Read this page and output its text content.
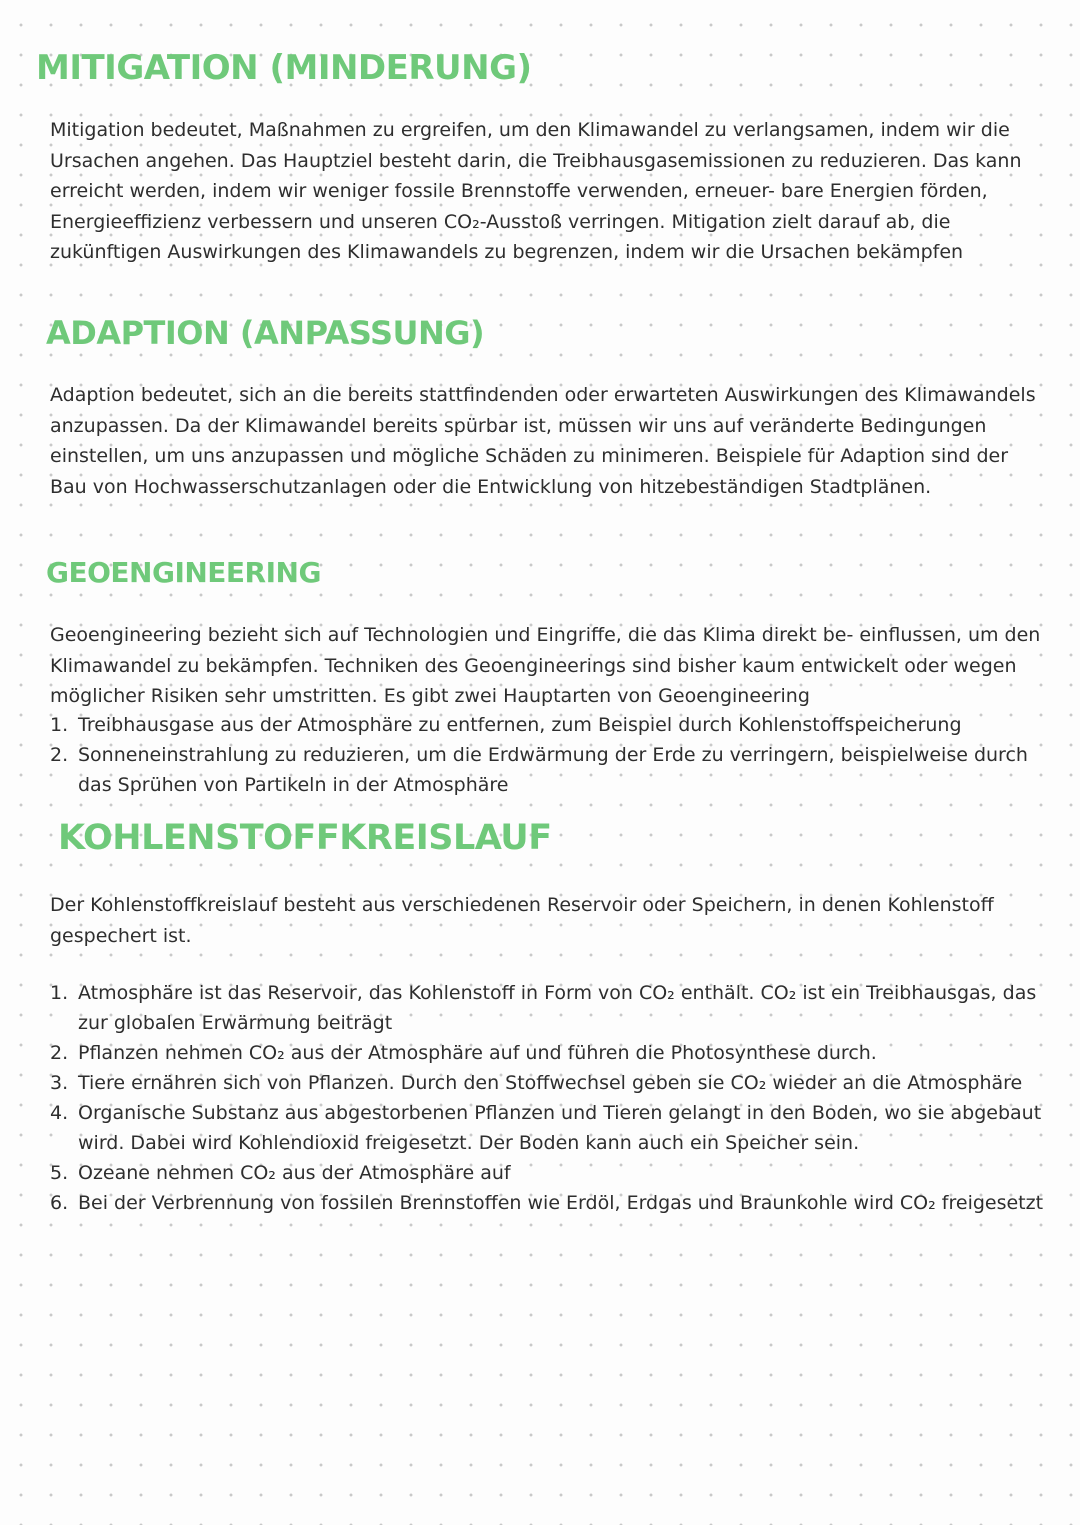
MITIGATION (MINDERUNG)

Mitigation bedeutet, Maßnahmen zu ergreifen, um den Klimawandel zu verlangsamen, indem wir die Ursachen angehen. Das Hauptziel besteht darin, die Treibhausgasemissionen zu reduzieren. Das kann erreicht werden, indem wir weniger fossile Brennstoffe verwenden, erneuer- bare Energien förden, Energieeffizienz verbessern und unseren CO₂-Ausstoß verringen. Mitigation zielt darauf ab, die zukünftigen Auswirkungen des Klimawandels zu begrenzen, indem wir die Ursachen bekämpfen

ADAPTION (ANPASSUNG)

Adaption bedeutet, sich an die bereits stattfindenden oder erwarteten Auswirkungen des Klimawandels anzupassen. Da der Klimawandel bereits spürbar ist, müssen wir uns auf veränderte Bedingungen einstellen, um uns anzupassen und mögliche Schäden zu minimeren. Beispiele für Adaption sind der Bau von Hochwasserschutzanlagen oder die Entwicklung von hitzebeständigen Stadtplänen.

GEOENGINEERING

Geoengineering bezieht sich auf Technologien und Eingriffe, die das Klima direkt be- einflussen, um den Klimawandel zu bekämpfen. Techniken des Geoengineerings sind bisher kaum entwickelt oder wegen möglicher Risiken sehr umstritten. Es gibt zwei Hauptarten von Geoengineering

1. Treibhausgase aus der Atmosphäre zu entfernen, zum Beispiel durch Kohlenstoffspeicherung
2. Sonneneinstrahlung zu reduzieren, um die Erdwärmung der Erde zu verringern, beispielweise durch das Sprühen von Partikeln in der Atmosphäre
KOHLENSTOFFKREISLAUF

Der Kohlenstoffkreislauf besteht aus verschiedenen Reservoir oder Speichern, in denen Kohlenstoff gespechert ist.

1. Atmosphäre ist das Reservoir, das Kohlenstoff in Form von CO₂ enthält. CO₂ ist ein Treibhausgas, das zur globalen Erwärmung beiträgt
2. Pflanzen nehmen CO₂ aus der Atmosphäre auf und führen die Photosynthese durch.
3. Tiere ernähren sich von Pflanzen. Durch den Stoffwechsel geben sie CO₂ wieder an die Atmosphäre
4. Organische Substanz aus abgestorbenen Pflanzen und Tieren gelangt in den Boden, wo sie abgebaut wird. Dabei wird Kohlendioxid freigesetzt. Der Boden kann auch ein Speicher sein.
5. Ozeane nehmen CO₂ aus der Atmosphäre auf
6. Bei der Verbrennung von fossilen Brennstoffen wie Erdöl, Erdgas und Braunkohle wird CO₂ freigesetzt
